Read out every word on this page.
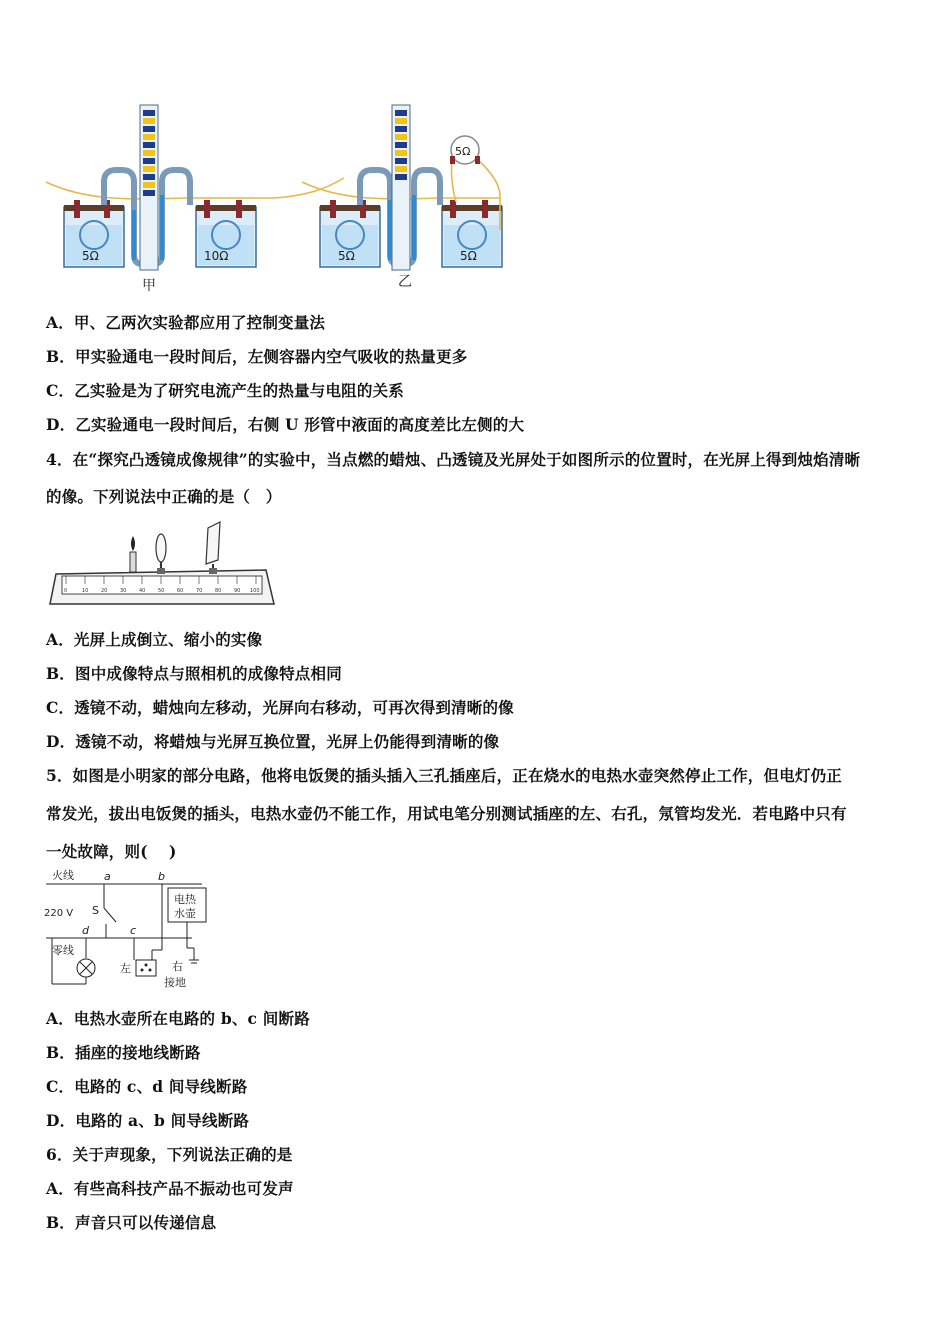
5Ω	10Ω
甲
5Ω
5Ω	5Ω
乙
A．甲、乙两次实验都应用了控制变量法
B．甲实验通电一段时间后，左侧容器内空气吸收的热量更多
C．乙实验是为了研究电流产生的热量与电阻的关系
D．乙实验通电一段时间后，右侧 U 形管中液面的高度差比左侧的大
4．在“探究凸透镜成像规律”的实验中，当点燃的蜡烛、凸透镜及光屏处于如图所示的位置时，在光屏上得到烛焰清晰
的像。下列说法中正确的是（　）
0	10	20	30	40	50	60	70	80	90 100
A．光屏上成倒立、缩小的实像
B．图中成像特点与照相机的成像特点相同
C．透镜不动，蜡烛向左移动，光屏向右移动，可再次得到清晰的像
D．透镜不动，将蜡烛与光屏互换位置，光屏上仍能得到清晰的像
5．如图是小明家的部分电路，他将电饭煲的插头插入三孔插座后，正在烧水的电热水壶突然停止工作，但电灯仍正
常发光，拔出电饭煲的插头，电热水壶仍不能工作，用试电笔分别测试插座的左、右孔，氖管均发光．若电路中只有
一处故障，则(　 )
火线
220 V
零线
a	b
c
d
S
电热
水壶
左	右
接地
A．电热水壶所在电路的 b、c 间断路
B．插座的接地线断路
C．电路的 c、d 间导线断路
D．电路的 a、b 间导线断路
6．关于声现象，下列说法正确的是
A．有些高科技产品不振动也可发声
B．声音只可以传递信息
